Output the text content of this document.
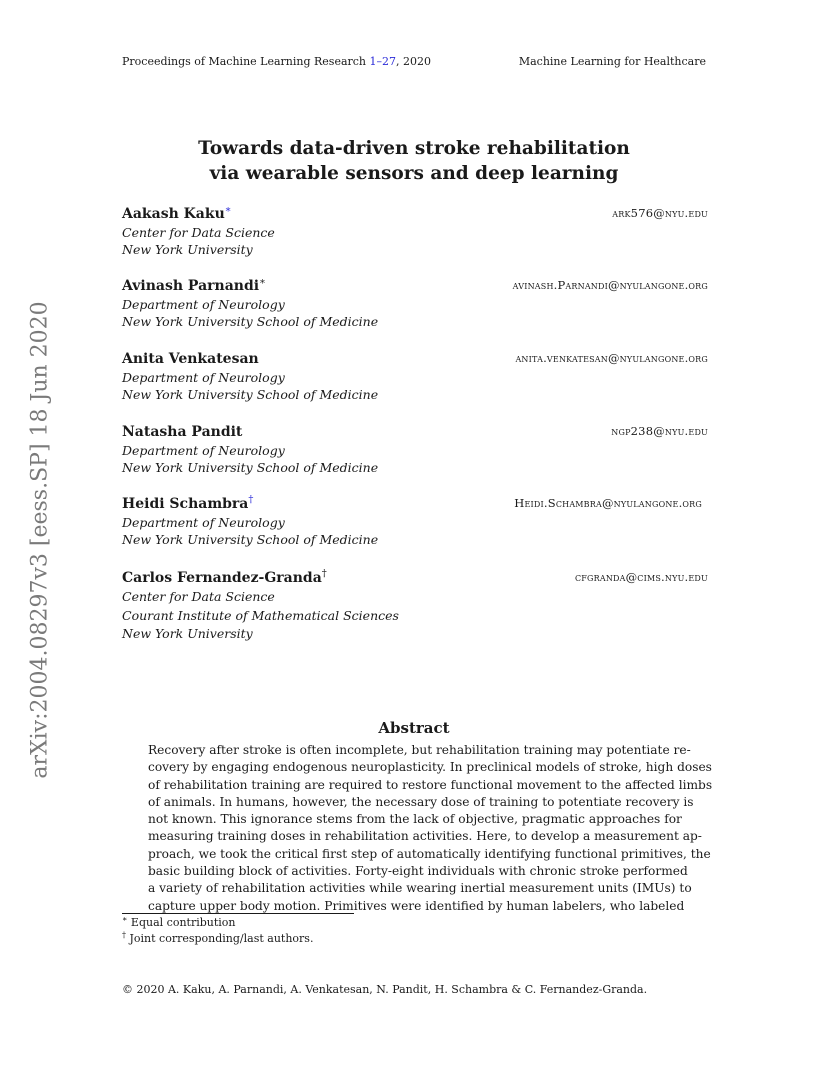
Proceedings of Machine Learning Research 1–27, 2020	Machine Learning for Healthcare
arXiv:2004.08297v3 [eess.SP] 18 Jun 2020
Towards data-driven stroke rehabilitation
via wearable sensors and deep learning
Aakash Kaku∗	ark576@nyu.edu
Center for Data Science
New York University
Avinash Parnandi∗	avinash.Parnandi@nyulangone.org
Department of Neurology
New York University School of Medicine
Anita Venkatesan	anita.venkatesan@nyulangone.org
Department of Neurology
New York University School of Medicine
Natasha Pandit	ngp238@nyu.edu
Department of Neurology
New York University School of Medicine
Heidi Schambra†	Heidi.Schambra@nyulangone.org
Department of Neurology
New York University School of Medicine
Carlos Fernandez-Granda†	cfgranda@cims.nyu.edu
Center for Data Science
Courant Institute of Mathematical Sciences
New York University
Abstract
Recovery after stroke is often incomplete, but rehabilitation training may potentiate re-
covery by engaging endogenous neuroplasticity. In preclinical models of stroke, high doses
of rehabilitation training are required to restore functional movement to the affected limbs
of animals. In humans, however, the necessary dose of training to potentiate recovery is
not known. This ignorance stems from the lack of objective, pragmatic approaches for
measuring training doses in rehabilitation activities. Here, to develop a measurement ap-
proach, we took the critical first step of automatically identifying functional primitives, the
basic building block of activities. Forty-eight individuals with chronic stroke performed
a variety of rehabilitation activities while wearing inertial measurement units (IMUs) to
capture upper body motion. Primitives were identified by human labelers, who labeled
∗ Equal contribution
† Joint corresponding/last authors.
© 2020 A. Kaku, A. Parnandi, A. Venkatesan, N. Pandit, H. Schambra & C. Fernandez-Granda.
